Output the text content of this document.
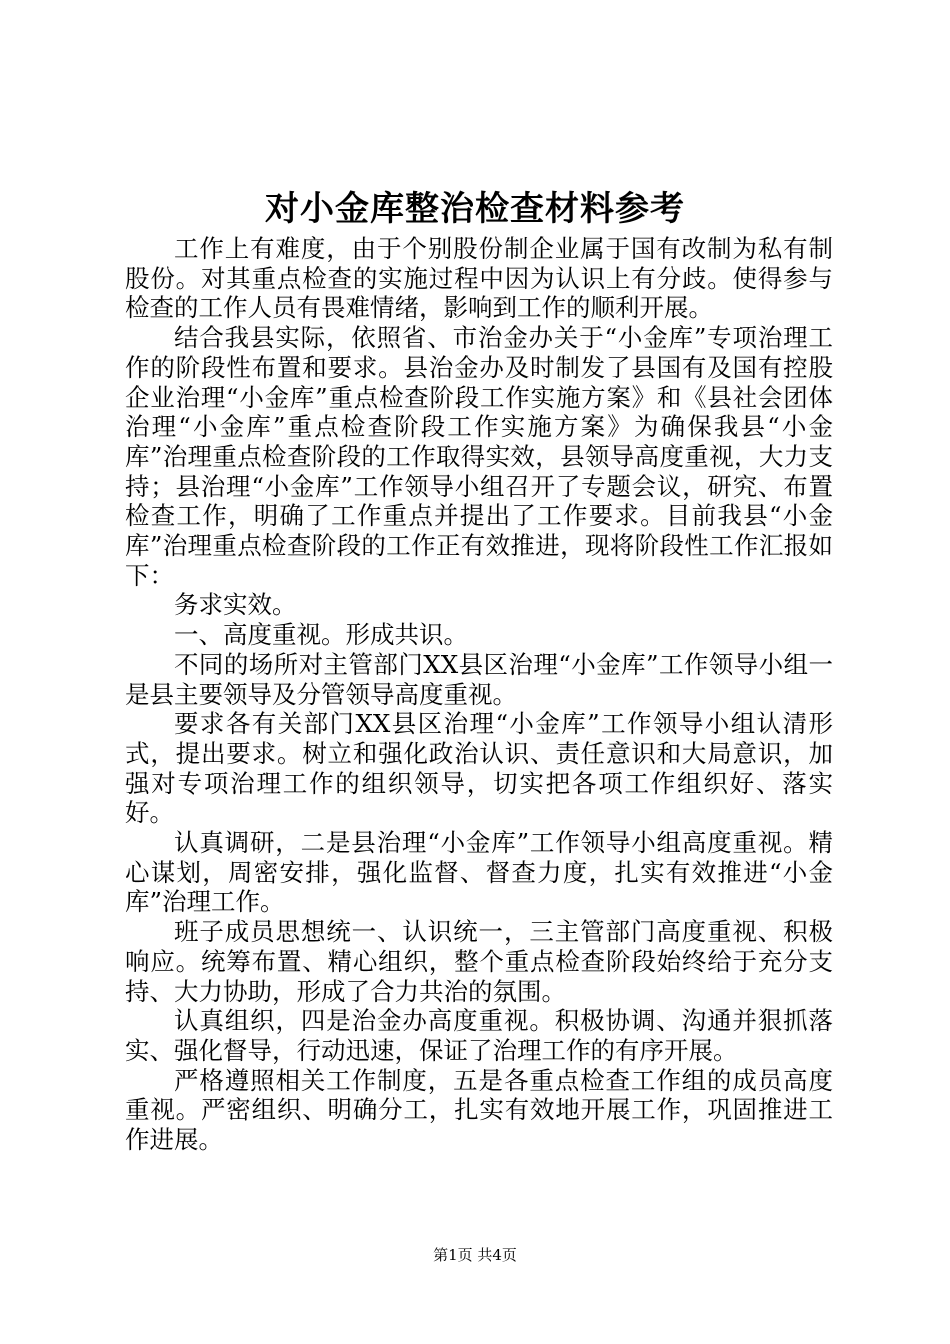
对小金库整治检查材料参考

工作上有难度，由于个别股份制企业属于国有改制为私有制股份。对其重点检查的实施过程中因为认识上有分歧。使得参与检查的工作人员有畏难情绪，影响到工作的顺利开展。

结合我县实际，依照省、市治金办关于“小金库”专项治理工作的阶段性布置和要求。县治金办及时制发了县国有及国有控股企业治理“小金库”重点检查阶段工作实施方案》和《县社会团体治理“小金库”重点检查阶段工作实施方案》为确保我县“小金库”治理重点检查阶段的工作取得实效，县领导高度重视，大力支持；县治理“小金库”工作领导小组召开了专题会议，研究、布置检查工作，明确了工作重点并提出了工作要求。目前我县“小金库”治理重点检查阶段的工作正有效推进，现将阶段性工作汇报如下：

务求实效。

一、高度重视。形成共识。

不同的场所对主管部门XX县区治理“小金库”工作领导小组一是县主要领导及分管领导高度重视。

要求各有关部门XX县区治理“小金库”工作领导小组认清形式，提出要求。树立和强化政治认识、责任意识和大局意识，加强对专项治理工作的组织领导，切实把各项工作组织好、落实好。

认真调研，二是县治理“小金库”工作领导小组高度重视。精心谋划，周密安排，强化监督、督查力度，扎实有效推进“小金库”治理工作。

班子成员思想统一、认识统一，三主管部门高度重视、积极响应。统筹布置、精心组织，整个重点检查阶段始终给于充分支持、大力协助，形成了合力共治的氛围。

认真组织，四是治金办高度重视。积极协调、沟通并狠抓落实、强化督导，行动迅速，保证了治理工作的有序开展。

严格遵照相关工作制度，五是各重点检查工作组的成员高度重视。严密组织、明确分工，扎实有效地开展工作，巩固推进工作进展。

第1页 共4页
